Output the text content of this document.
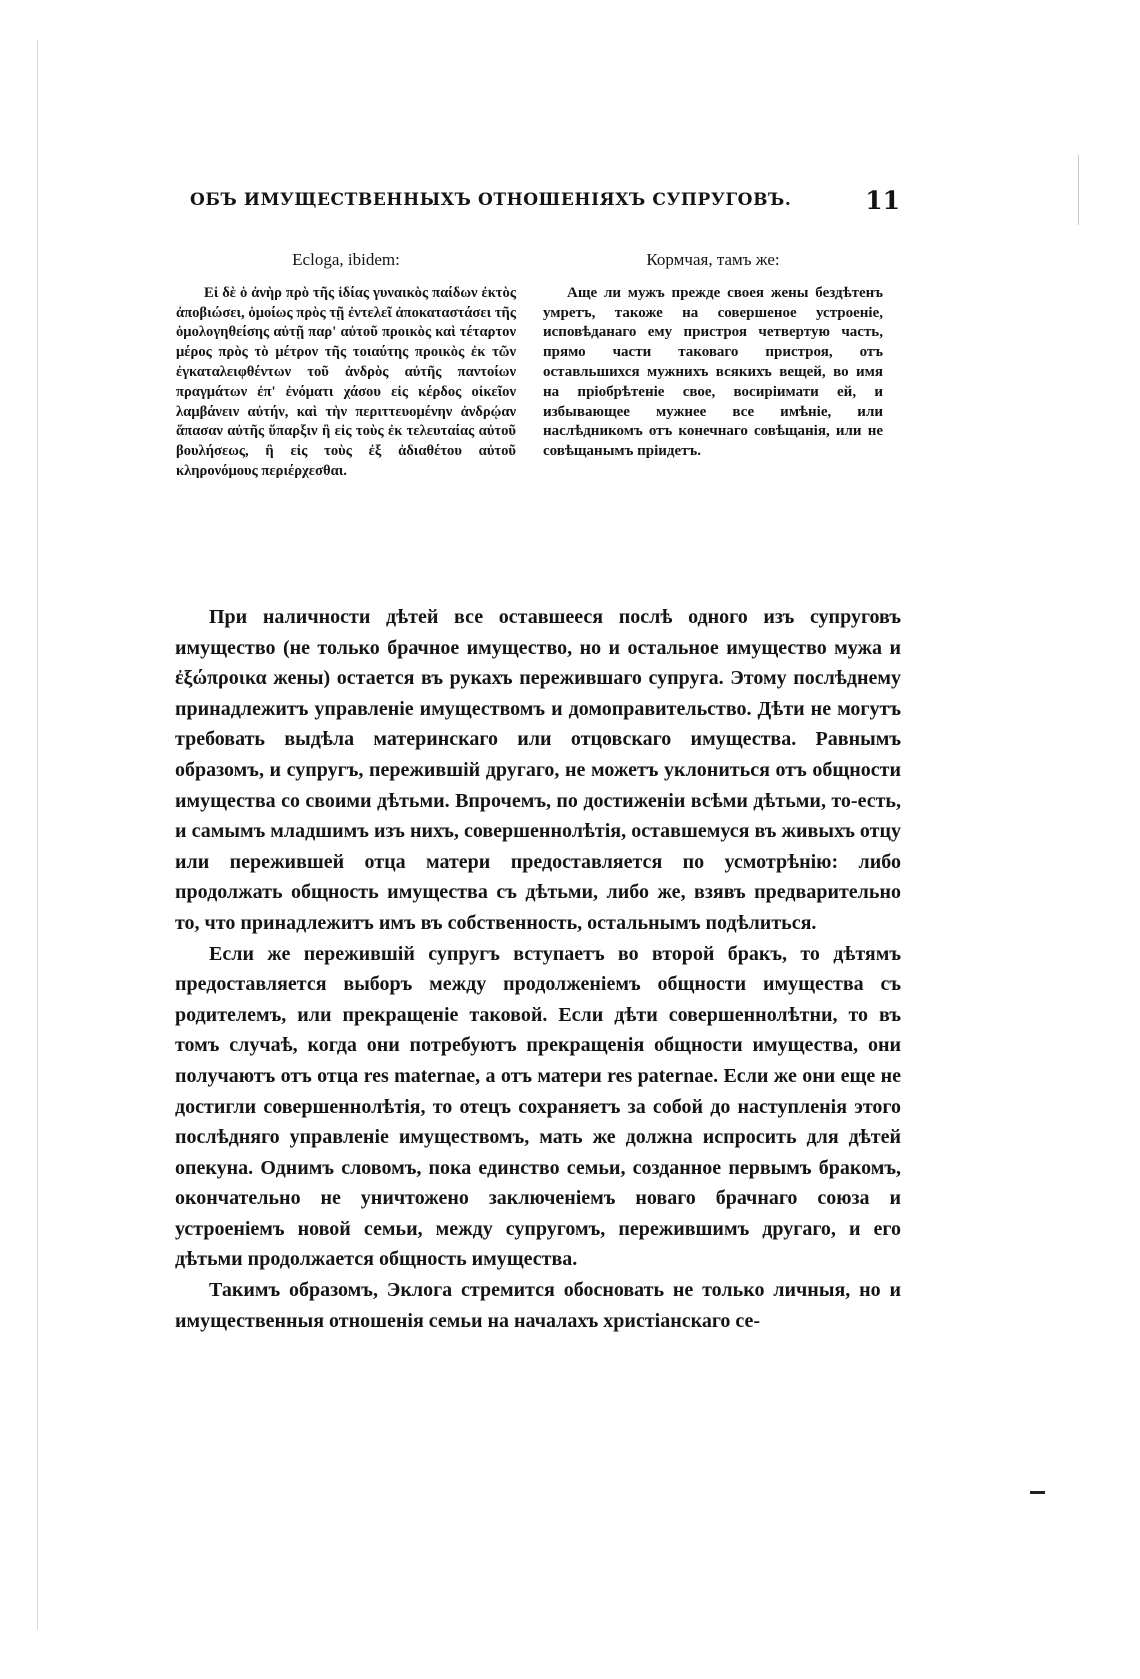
ОБЪ ИМУЩЕСТВЕННЫХЪ ОТНОШЕНІЯХЪ СУПРУГОВЪ.	11
Ecloga, ibidem:
Εἰ δὲ ὁ ἀνὴρ πρὸ τῆς ἰδίας γυναικὸς παίδων ἐκτὸς ἀποβιώσει, ὁμοίως πρὸς τῇ ἐντελεῖ ἀποκαταστάσει τῆς ὁμολογηθείσης αὐτῇ παρ' αὐτοῦ προικὸς καὶ τέταρτον μέρος πρὸς τὸ μέτρον τῆς τοιαύτης προικὸς ἐκ τῶν ἐγκαταλειφθέντων τοῦ ἀνδρὸς αὐτῆς παντοίων πραγμάτων ἐπ' ἐνόματι χάσου εἰς κέρδος οἰκεῖον λαμβάνειν αὐτήν, καὶ τὴν περιττευομένην ἀνδρῴαν ἅπασαν αὐτῆς ὕπαρξιν ἢ εἰς τοὺς ἐκ τελευταίας αὐτοῦ βουλήσεως, ἢ εἰς τοὺς ἐξ ἀδιαθέτου αὐτοῦ κληρονόμους περιέρχεσθαι.
Кормчая, тамъ же:
Аще ли мужъ прежде своея жены бездѣтенъ умретъ, такоже на совершеное устроеніе, исповѣданаго ему пристроя четвертую часть, прямо части таковаго пристроя, отъ оставльшихся мужнихъ всякихъ вещей, во имя на пріобрѣтеніе свое, восиріимати ей, и избывающее мужнее все имѣніе, или наслѣдникомъ отъ конечнаго совѣщанія, или не совѣщанымъ пріидетъ.

При наличности дѣтей все оставшееся послѣ одного изъ супруговъ имущество (не только брачное имущество, но и остальное имущество мужа и ἐξώπροικα жены) остается въ рукахъ пережившаго супруга. Этому послѣднему принадлежитъ управленіе имуществомъ и домоправительство. Дѣти не могутъ требовать выдѣла материнскаго или отцовскаго имущества. Равнымъ образомъ, и супругъ, пережившій другаго, не можетъ уклониться отъ общности имущества со своими дѣтьми. Впрочемъ, по достиженіи всѣми дѣтьми, то-есть, и самымъ младшимъ изъ нихъ, совершеннолѣтія, оставшемуся въ живыхъ отцу или пережившей отца матери предоставляется по усмотрѣнію: либо продолжать общность имущества съ дѣтьми, либо же, взявъ предварительно то, что принадлежитъ имъ въ собственность, остальнымъ подѣлиться.

Если же пережившій супругъ вступаетъ во второй бракъ, то дѣтямъ предоставляется выборъ между продолженіемъ общности имущества съ родителемъ, или прекращеніе таковой. Если дѣти совершеннолѣтни, то въ томъ случаѣ, когда они потребуютъ прекращенія общности имущества, они получаютъ отъ отца res maternae, а отъ матери res paternae. Если же они еще не достигли совершеннолѣтія, то отецъ сохраняетъ за собой до наступленія этого послѣдняго управленіе имуществомъ, мать же должна испросить для дѣтей опекуна. Однимъ словомъ, пока единство семьи, созданное первымъ бракомъ, окончательно не уничтожено заключеніемъ новаго брачнаго союза и устроеніемъ новой семьи, между супругомъ, пережившимъ другаго, и его дѣтьми продолжается общность имущества.

Такимъ образомъ, Эклога стремится обосновать не только личныя, но и имущественныя отношенія семьи на началахъ христіанскаго се-
